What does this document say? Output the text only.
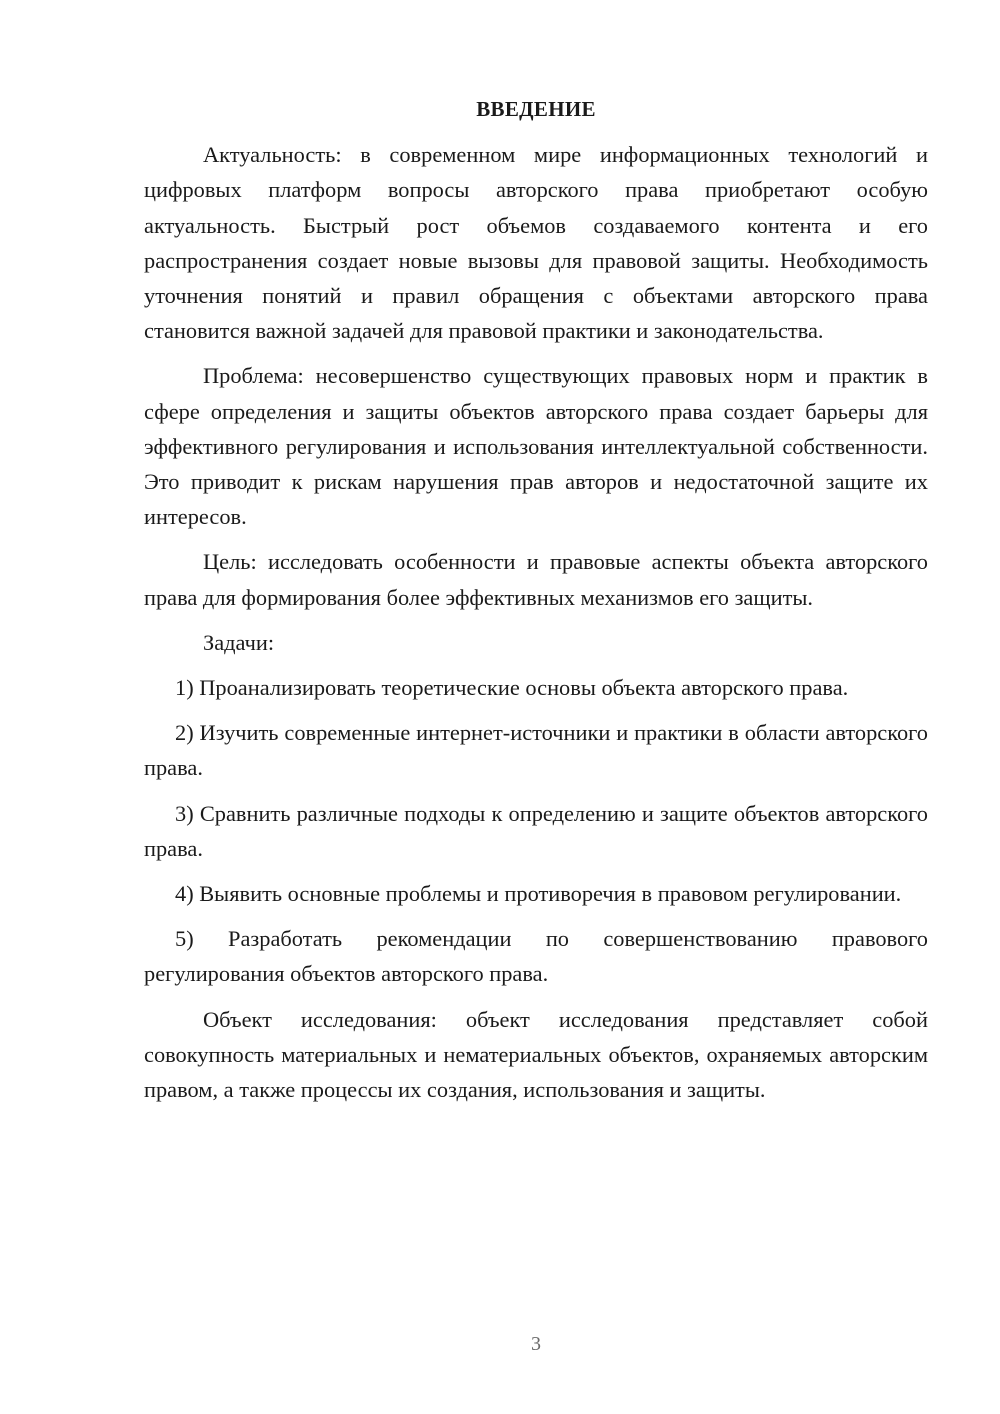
ВВЕДЕНИЕ

Актуальность: в современном мире информационных технологий и цифровых платформ вопросы авторского права приобретают особую актуальность. Быстрый рост объемов создаваемого контента и его распространения создает новые вызовы для правовой защиты. Необходимость уточнения понятий и правил обращения с объектами авторского права становится важной задачей для правовой практики и законодательства.

Проблема: несовершенство существующих правовых норм и практик в сфере определения и защиты объектов авторского права создает барьеры для эффективного регулирования и использования интеллектуальной собственности. Это приводит к рискам нарушения прав авторов и недостаточной защите их интересов.

Цель: исследовать особенности и правовые аспекты объекта авторского права для формирования более эффективных механизмов его защиты.

Задачи:

1) Проанализировать теоретические основы объекта авторского права.

2) Изучить современные интернет-источники и практики в области авторского права.

3) Сравнить различные подходы к определению и защите объектов авторского права.

4) Выявить основные проблемы и противоречия в правовом регулировании.

5) Разработать рекомендации по совершенствованию правового регулирования объектов авторского права.

Объект исследования: объект исследования представляет собой совокупность материальных и нематериальных объектов, охраняемых авторским правом, а также процессы их создания, использования и защиты.

3
